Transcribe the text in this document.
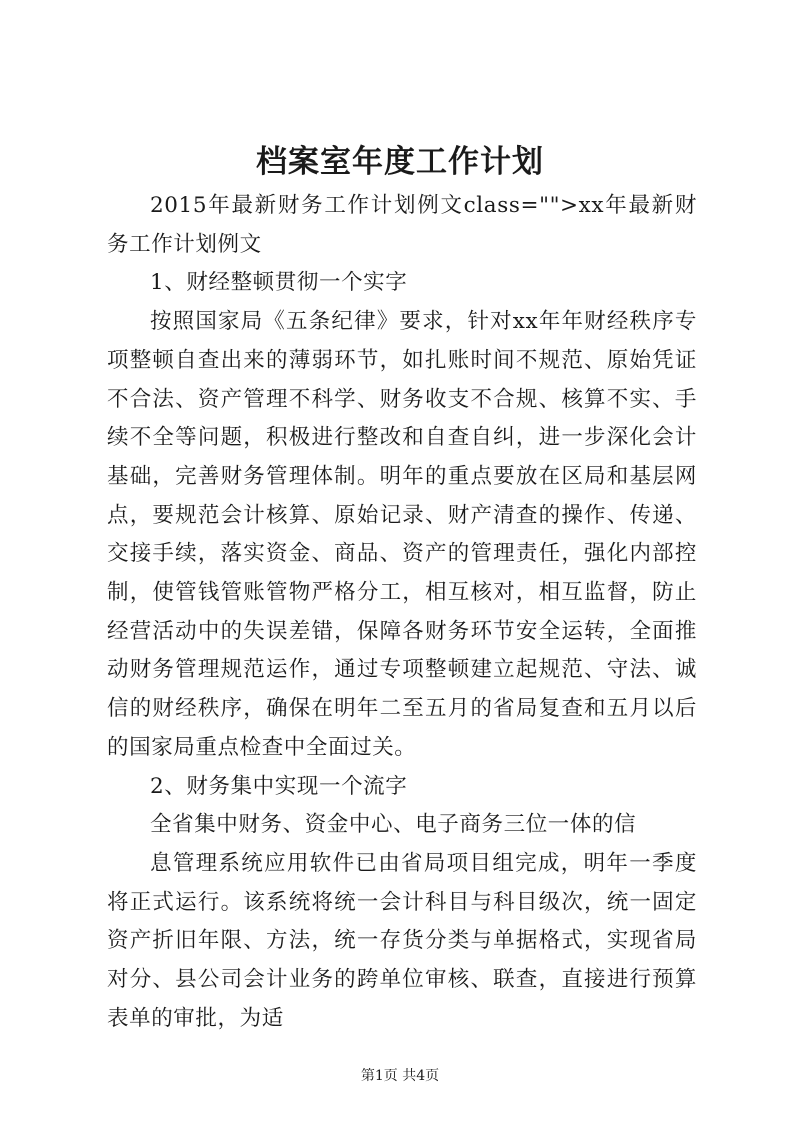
档案室年度工作计划

2015年最新财务工作计划例文class="">xx年最新财务工作计划例文

1、财经整顿贯彻一个实字

按照国家局《五条纪律》要求，针对xx年年财经秩序专项整顿自查出来的薄弱环节，如扎账时间不规范、原始凭证不合法、资产管理不科学、财务收支不合规、核算不实、手续不全等问题，积极进行整改和自查自纠，进一步深化会计基础，完善财务管理体制。明年的重点要放在区局和基层网点，要规范会计核算、原始记录、财产清查的操作、传递、交接手续，落实资金、商品、资产的管理责任，强化内部控制，使管钱管账管物严格分工，相互核对，相互监督，防止经营活动中的失误差错，保障各财务环节安全运转，全面推动财务管理规范运作，通过专项整顿建立起规范、守法、诚信的财经秩序，确保在明年二至五月的省局复查和五月以后的国家局重点检查中全面过关。

2、财务集中实现一个流字

全省集中财务、资金中心、电子商务三位一体的信

息管理系统应用软件已由省局项目组完成，明年一季度将正式运行。该系统将统一会计科目与科目级次，统一固定资产折旧年限、方法，统一存货分类与单据格式，实现省局对分、县公司会计业务的跨单位审核、联查，直接进行预算表单的审批，为适

第1页 共4页
